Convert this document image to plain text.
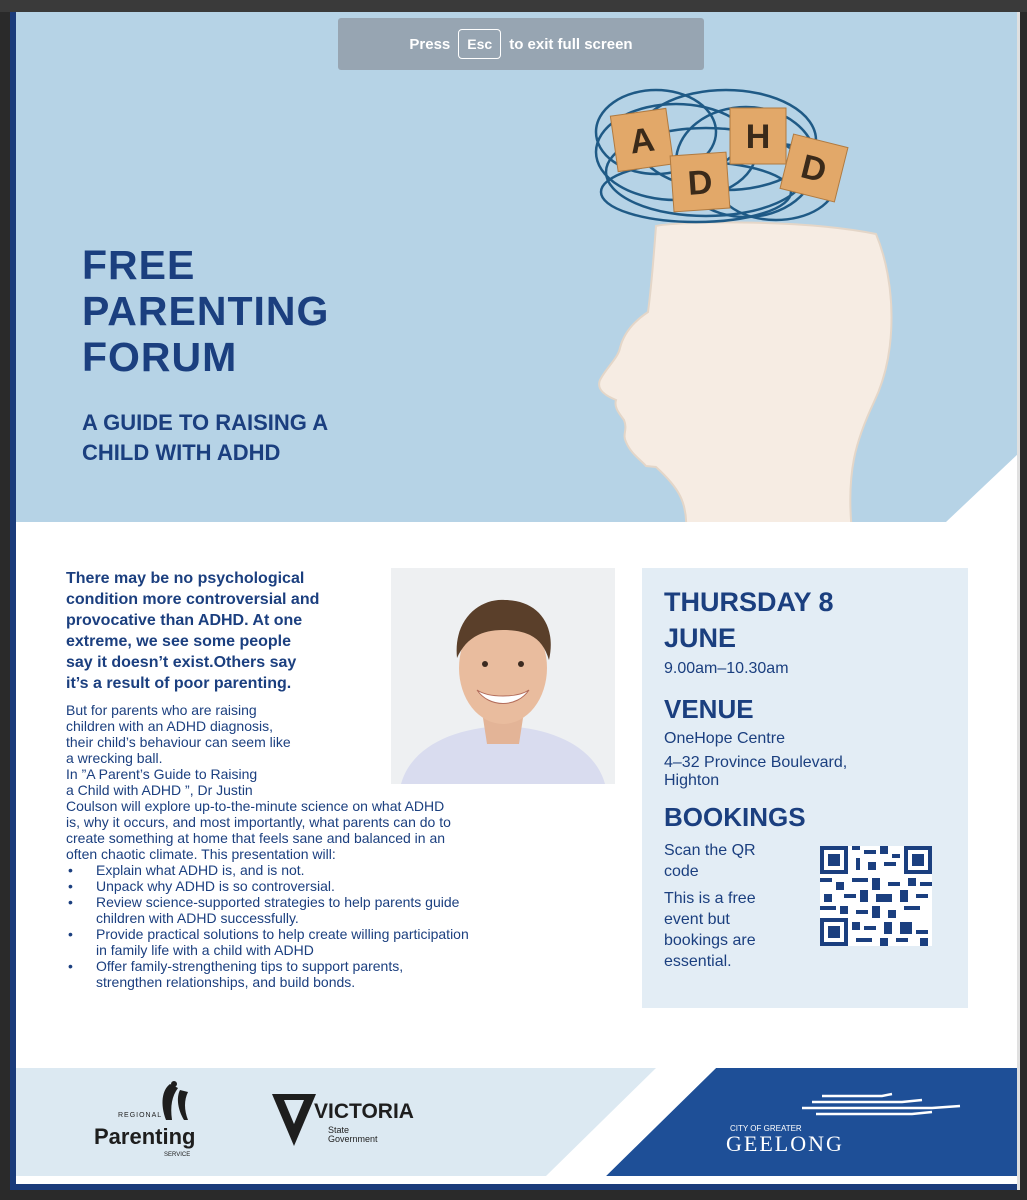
A	H
D D
Press	Esc	to exit full screen
FREE
PARENTING
FORUM
A GUIDE TO RAISING A
CHILD WITH ADHD
There may be no psychological
condition more controversial and
provocative than ADHD. At one
extreme, we see some people
say it doesn’t exist.Others say
it’s a result of poor parenting.

But for parents who are raising

children with an ADHD diagnosis,

their child’s behaviour can seem like

a wrecking ball.

In ”A Parent’s Guide to Raising

a Child with ADHD ”, Dr Justin

Coulson will explore up-to-the-minute science on what ADHD

is, why it occurs, and most importantly, what parents can do to

create something at home that feels sane and balanced in an

often chaotic climate. This presentation will:

• Explain what ADHD is, and is not.
• Unpack why ADHD is so controversial.
• Review science-supported strategies to help parents guide
children with ADHD successfully.
• Provide practical solutions to help create willing participation
in family life with a child with ADHD
• Offer family-strengthening tips to support parents,
strengthen relationships, and build bonds.
THURSDAY 8
JUNE
9.00am–10.30am
VENUE
OneHope Centre
4–32 Province Boulevard,
Highton
BOOKINGS
Scan the QR
code
This is a free
event but
bookings are
essential.
REGIONAL
Parenting
SERVICE
VICTORIA
State
Government
CITY OF GREATER
GEELONG
